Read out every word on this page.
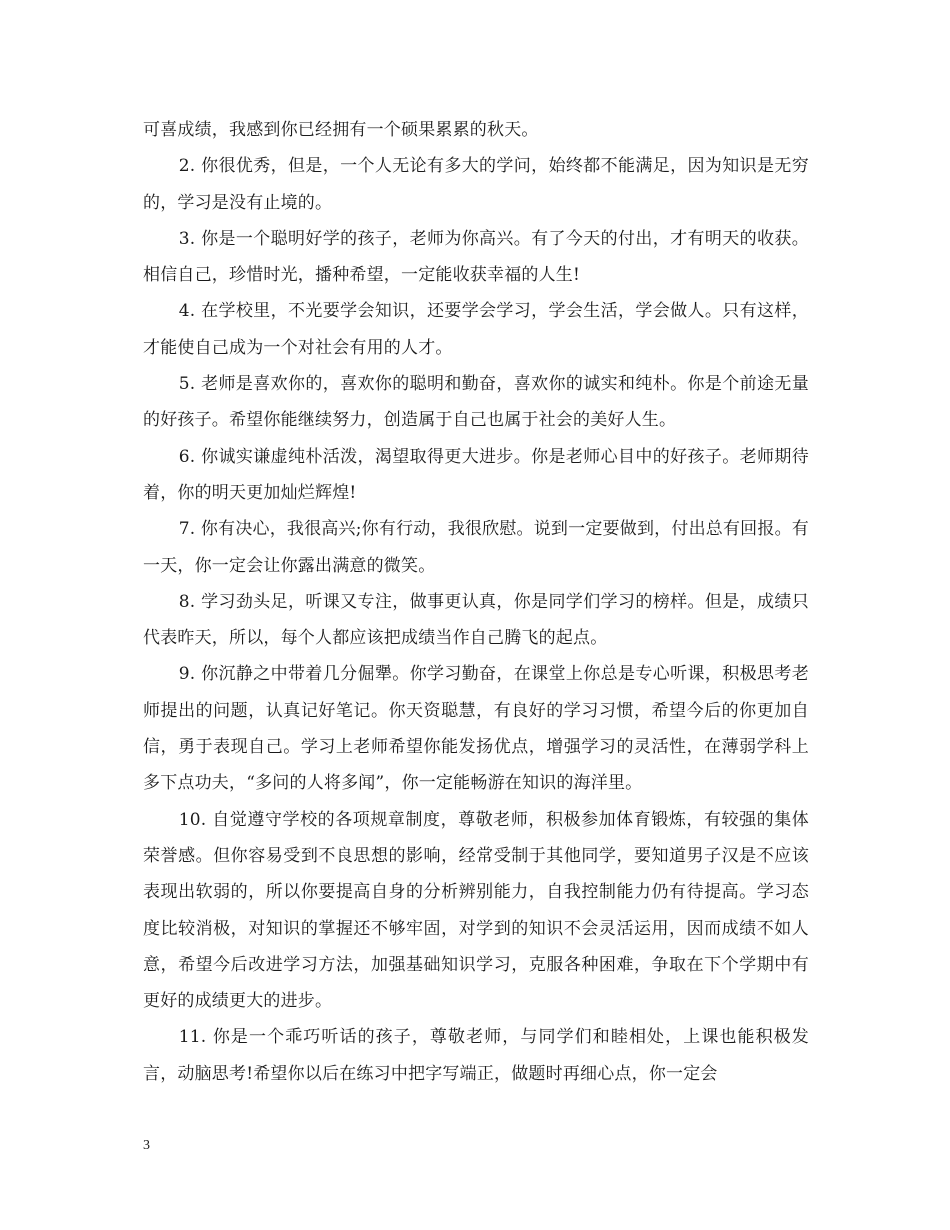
可喜成绩，我感到你已经拥有一个硕果累累的秋天。

2. 你很优秀，但是，一个人无论有多大的学问，始终都不能满足，因为知识是无穷的，学习是没有止境的。

3. 你是一个聪明好学的孩子，老师为你高兴。有了今天的付出，才有明天的收获。相信自己，珍惜时光，播种希望，一定能收获幸福的人生!

4. 在学校里，不光要学会知识，还要学会学习，学会生活，学会做人。只有这样，才能使自己成为一个对社会有用的人才。

5. 老师是喜欢你的，喜欢你的聪明和勤奋，喜欢你的诚实和纯朴。你是个前途无量的好孩子。希望你能继续努力，创造属于自己也属于社会的美好人生。

6. 你诚实谦虚纯朴活泼，渴望取得更大进步。你是老师心目中的好孩子。老师期待着，你的明天更加灿烂辉煌!

7. 你有决心，我很高兴;你有行动，我很欣慰。说到一定要做到，付出总有回报。有一天，你一定会让你露出满意的微笑。

8. 学习劲头足，听课又专注，做事更认真，你是同学们学习的榜样。但是，成绩只代表昨天，所以，每个人都应该把成绩当作自己腾飞的起点。

9. 你沉静之中带着几分倔犟。你学习勤奋，在课堂上你总是专心听课，积极思考老师提出的问题，认真记好笔记。你天资聪慧，有良好的学习习惯，希望今后的你更加自信，勇于表现自己。学习上老师希望你能发扬优点，增强学习的灵活性，在薄弱学科上多下点功夫，“多问的人将多闻”，你一定能畅游在知识的海洋里。

10. 自觉遵守学校的各项规章制度，尊敬老师，积极参加体育锻炼，有较强的集体荣誉感。但你容易受到不良思想的影响，经常受制于其他同学，要知道男子汉是不应该表现出软弱的，所以你要提高自身的分析辨别能力，自我控制能力仍有待提高。学习态度比较消极，对知识的掌握还不够牢固，对学到的知识不会灵活运用，因而成绩不如人意，希望今后改进学习方法，加强基础知识学习，克服各种困难，争取在下个学期中有更好的成绩更大的进步。

11. 你是一个乖巧听话的孩子，尊敬老师，与同学们和睦相处，上课也能积极发言，动脑思考!希望你以后在练习中把字写端正，做题时再细心点，你一定会

3
